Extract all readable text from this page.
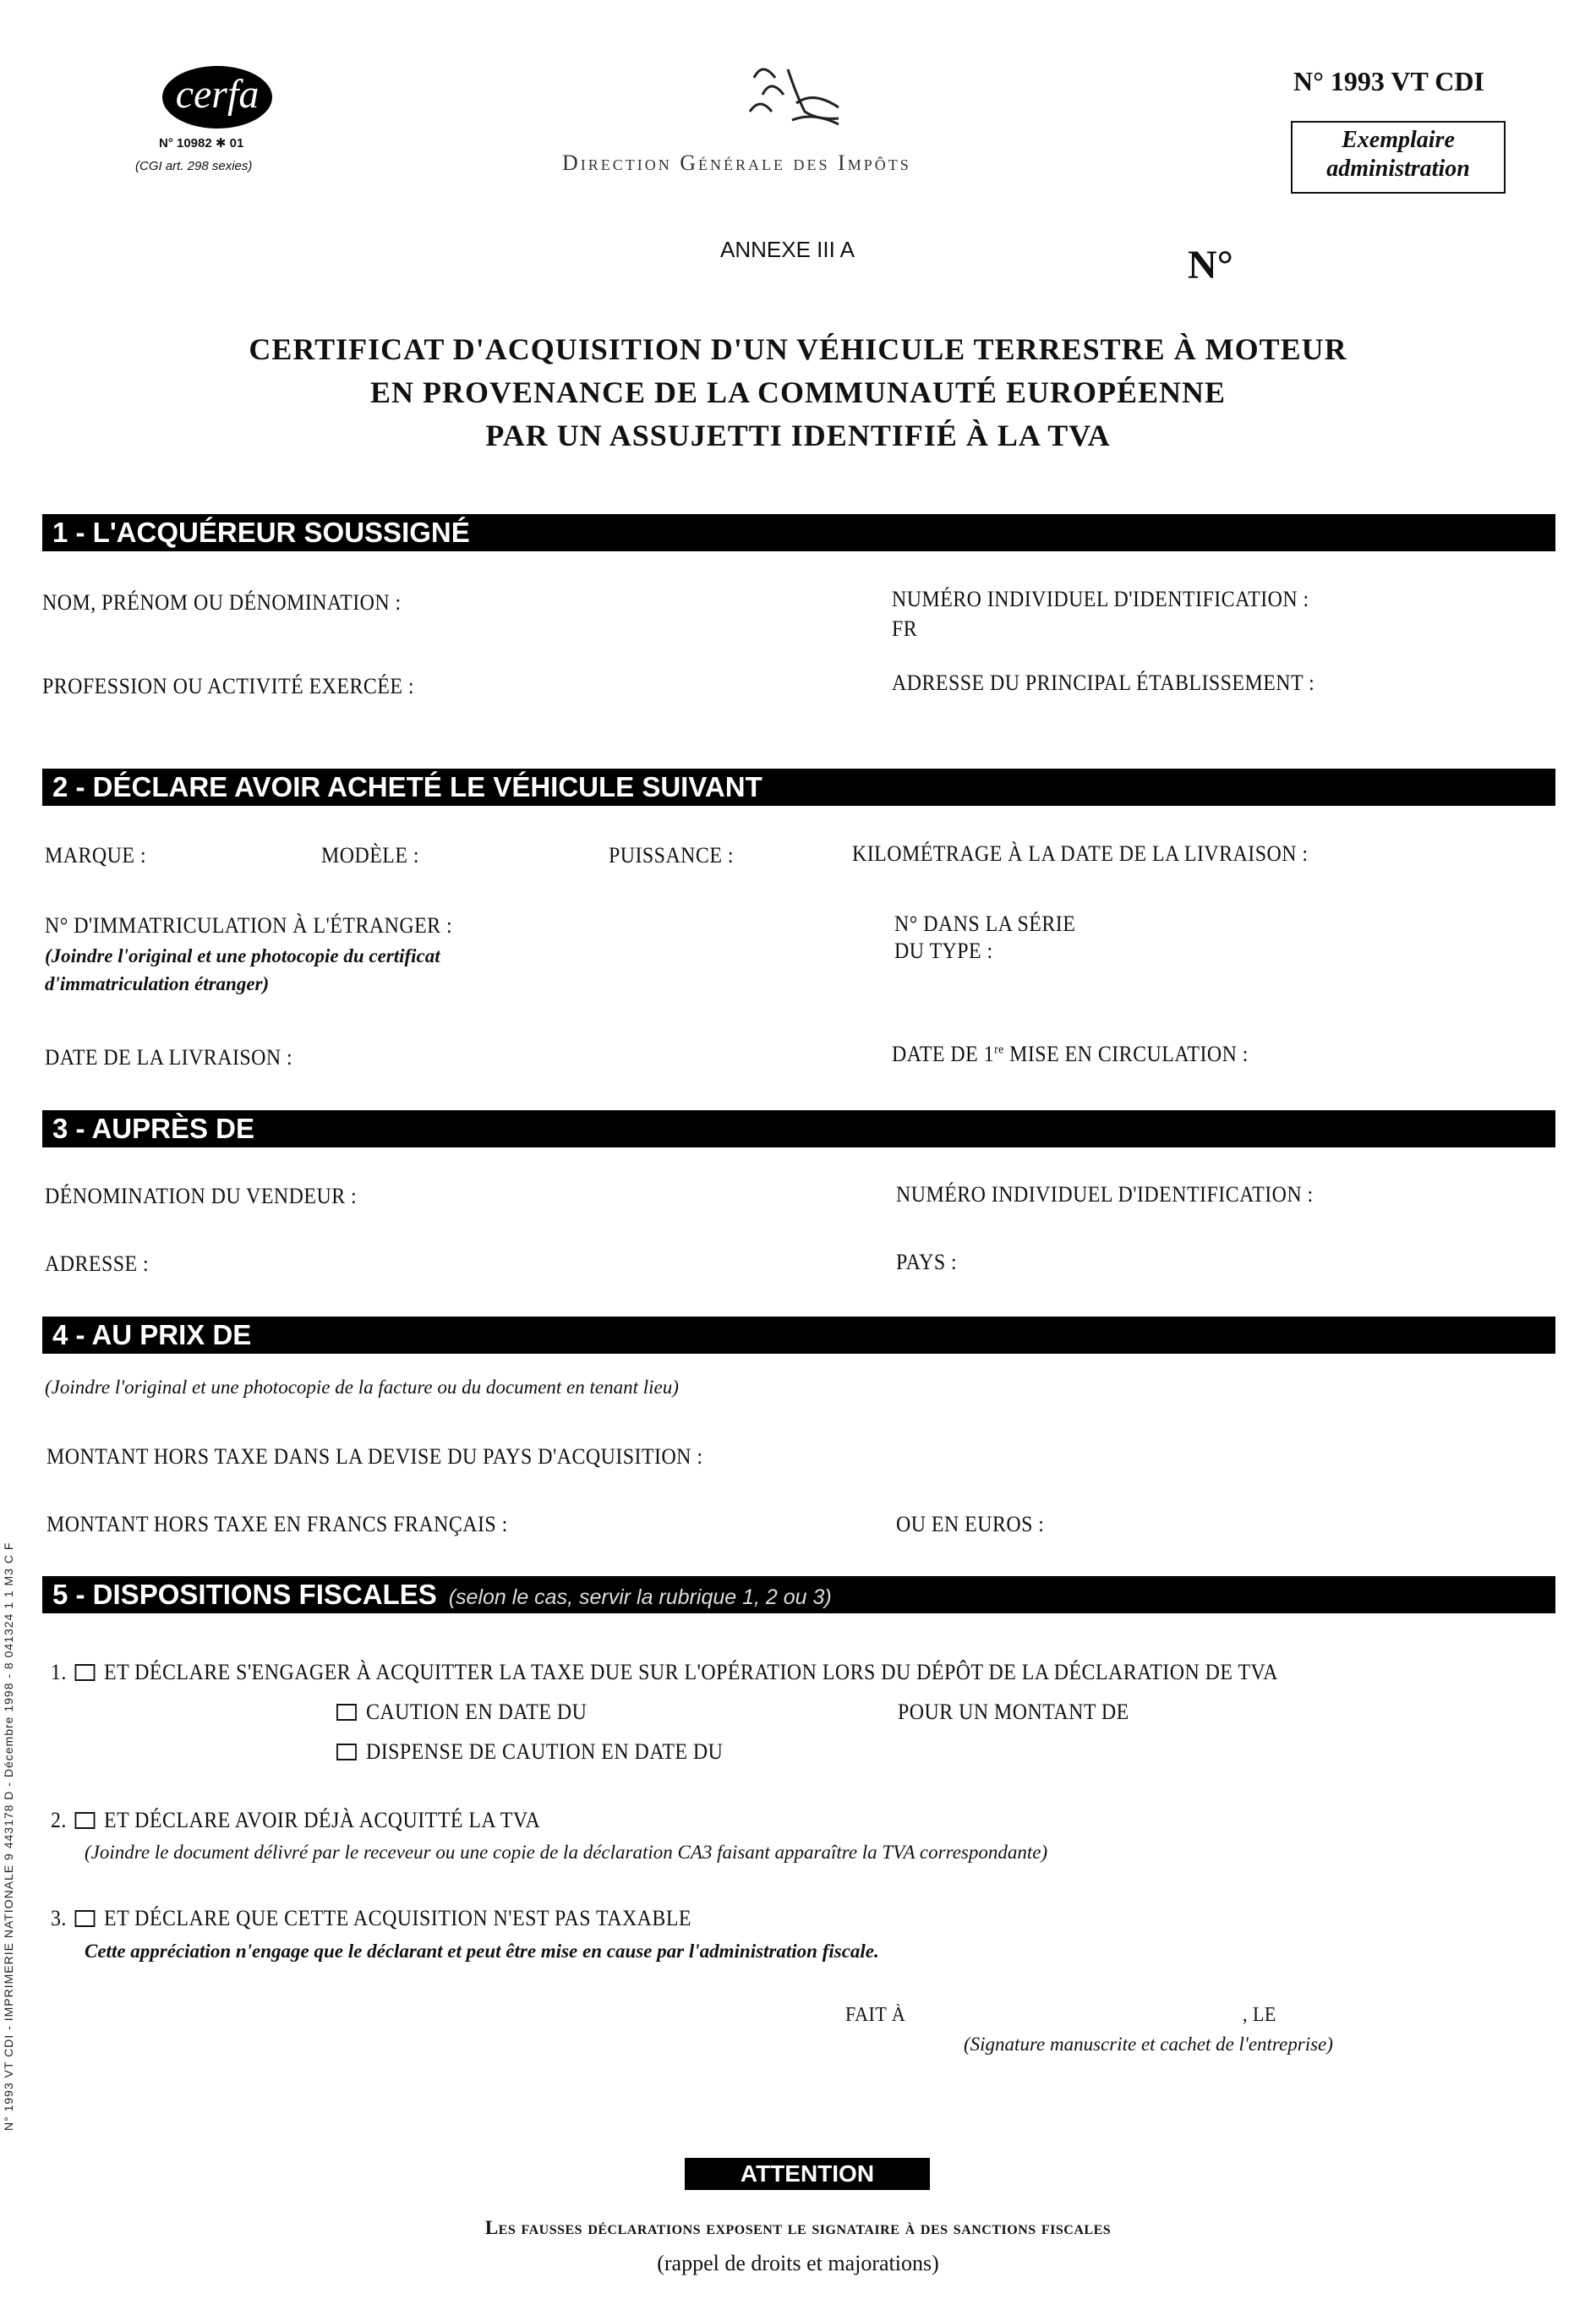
cerfa
N° 10982 ✱ 01
(CGI art. 298 sexies)	Direction Générale des Impôts
N° 1993 VT CDI
Exemplaire
administration
ANNEXE III A	N°
CERTIFICAT D'ACQUISITION D'UN VÉHICULE TERRESTRE À MOTEUR
EN PROVENANCE DE LA COMMUNAUTÉ EUROPÉENNE
PAR UN ASSUJETTI IDENTIFIÉ À LA TVA
1 - L'ACQUÉREUR SOUSSIGNÉ
NOM, PRÉNOM OU DÉNOMINATION :	NUMÉRO INDIVIDUEL D'IDENTIFICATION :
FR
PROFESSION OU ACTIVITÉ EXERCÉE :	ADRESSE DU PRINCIPAL ÉTABLISSEMENT :
2 - DÉCLARE AVOIR ACHETÉ LE VÉHICULE SUIVANT
MARQUE :	MODÈLE :	PUISSANCE :	KILOMÉTRAGE À LA DATE DE LA LIVRAISON :
N° D'IMMATRICULATION À L'ÉTRANGER :
(Joindre l'original et une photocopie du certificat
d'immatriculation étranger)
N° DANS LA SÉRIE
DU TYPE :
DATE DE LA LIVRAISON :	DATE DE 1re MISE EN CIRCULATION :
3 - AUPRÈS DE
DÉNOMINATION DU VENDEUR :	NUMÉRO INDIVIDUEL D'IDENTIFICATION :
ADRESSE :	PAYS :
4 - AU PRIX DE
(Joindre l'original et une photocopie de la facture ou du document en tenant lieu)
MONTANT HORS TAXE DANS LA DEVISE DU PAYS D'ACQUISITION :
MONTANT HORS TAXE EN FRANCS FRANÇAIS :	OU EN EUROS :
5 - DISPOSITIONS FISCALES (selon le cas, servir la rubrique 1, 2 ou 3)
1. ET DÉCLARE S'ENGAGER À ACQUITTER LA TAXE DUE SUR L'OPÉRATION LORS DU DÉPÔT DE LA DÉCLARATION DE TVA
CAUTION EN DATE DU	POUR UN MONTANT DE
DISPENSE DE CAUTION EN DATE DU
2. ET DÉCLARE AVOIR DÉJÀ ACQUITTÉ LA TVA
(Joindre le document délivré par le receveur ou une copie de la déclaration CA3 faisant apparaître la TVA correspondante)
3. ET DÉCLARE QUE CETTE ACQUISITION N'EST PAS TAXABLE
Cette appréciation n'engage que le déclarant et peut être mise en cause par l'administration fiscale.
FAIT À	, LE
(Signature manuscrite et cachet de l'entreprise)
ATTENTION
Les fausses déclarations exposent le signataire à des sanctions fiscales
(rappel de droits et majorations)
N° 1993 VT CDI - IMPRIMERIE NATIONALE 9 443178 D - Décembre 1998 - 8 041324 1 1 M3 C F
